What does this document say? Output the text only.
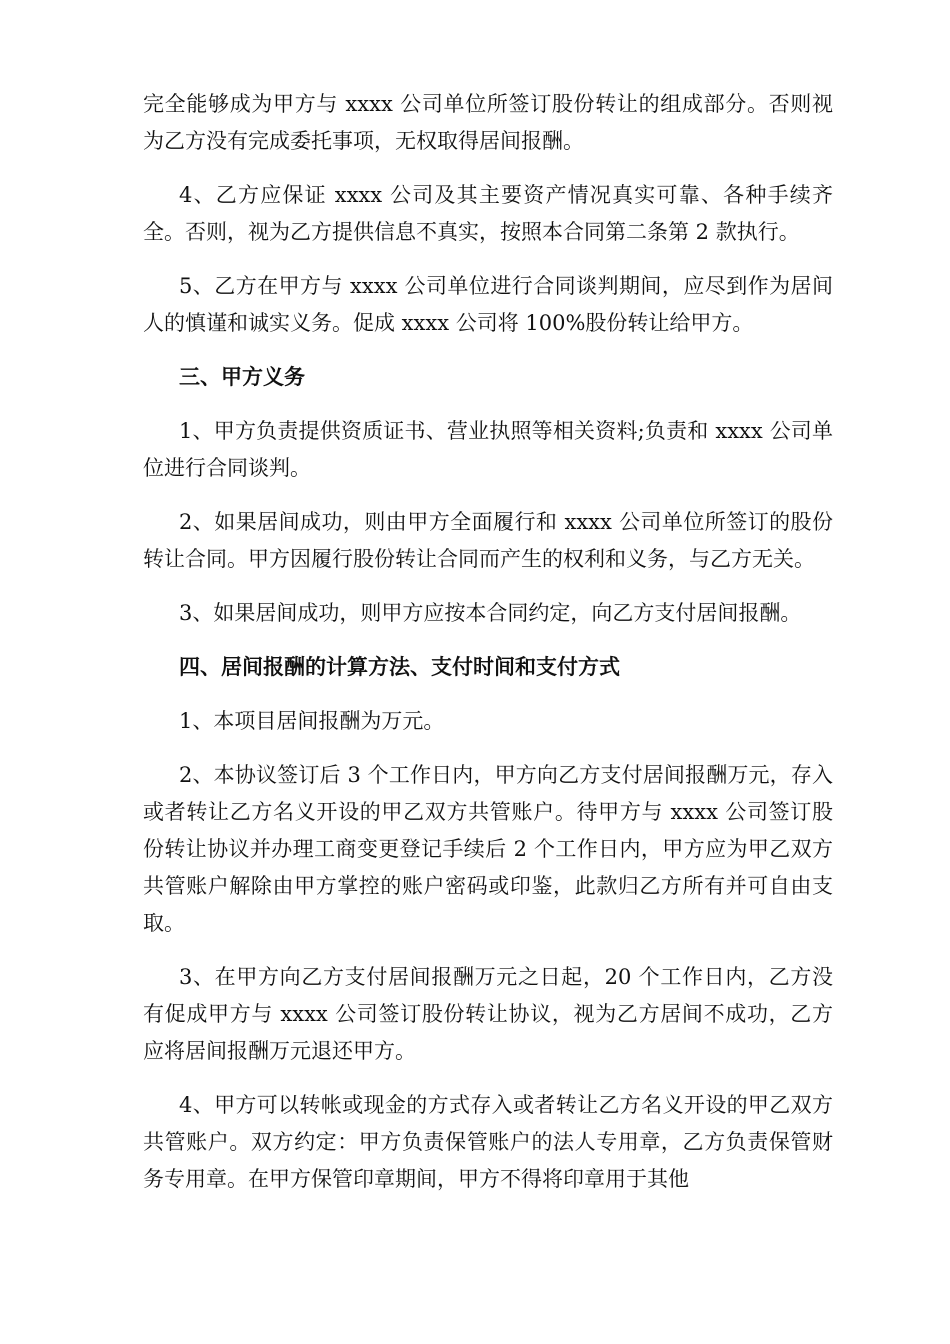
完全能够成为甲方与 xxxx 公司单位所签订股份转让的组成部分。否则视为乙方没有完成委托事项，无权取得居间报酬。

4、乙方应保证 xxxx 公司及其主要资产情况真实可靠、各种手续齐全。否则，视为乙方提供信息不真实，按照本合同第二条第 2 款执行。

5、乙方在甲方与 xxxx 公司单位进行合同谈判期间，应尽到作为居间人的慎谨和诚实义务。促成 xxxx 公司将 100%股份转让给甲方。

三、甲方义务

1、甲方负责提供资质证书、营业执照等相关资料;负责和 xxxx 公司单位进行合同谈判。

2、如果居间成功，则由甲方全面履行和 xxxx 公司单位所签订的股份转让合同。甲方因履行股份转让合同而产生的权利和义务，与乙方无关。

3、如果居间成功，则甲方应按本合同约定，向乙方支付居间报酬。

四、居间报酬的计算方法、支付时间和支付方式

1、本项目居间报酬为万元。

2、本协议签订后 3 个工作日内，甲方向乙方支付居间报酬万元，存入或者转让乙方名义开设的甲乙双方共管账户。待甲方与 xxxx 公司签订股份转让协议并办理工商变更登记手续后 2 个工作日内，甲方应为甲乙双方共管账户解除由甲方掌控的账户密码或印鉴，此款归乙方所有并可自由支取。

3、在甲方向乙方支付居间报酬万元之日起，20 个工作日内，乙方没有促成甲方与 xxxx 公司签订股份转让协议，视为乙方居间不成功，乙方应将居间报酬万元退还甲方。

4、甲方可以转帐或现金的方式存入或者转让乙方名义开设的甲乙双方共管账户。双方约定：甲方负责保管账户的法人专用章，乙方负责保管财务专用章。在甲方保管印章期间，甲方不得将印章用于其他
